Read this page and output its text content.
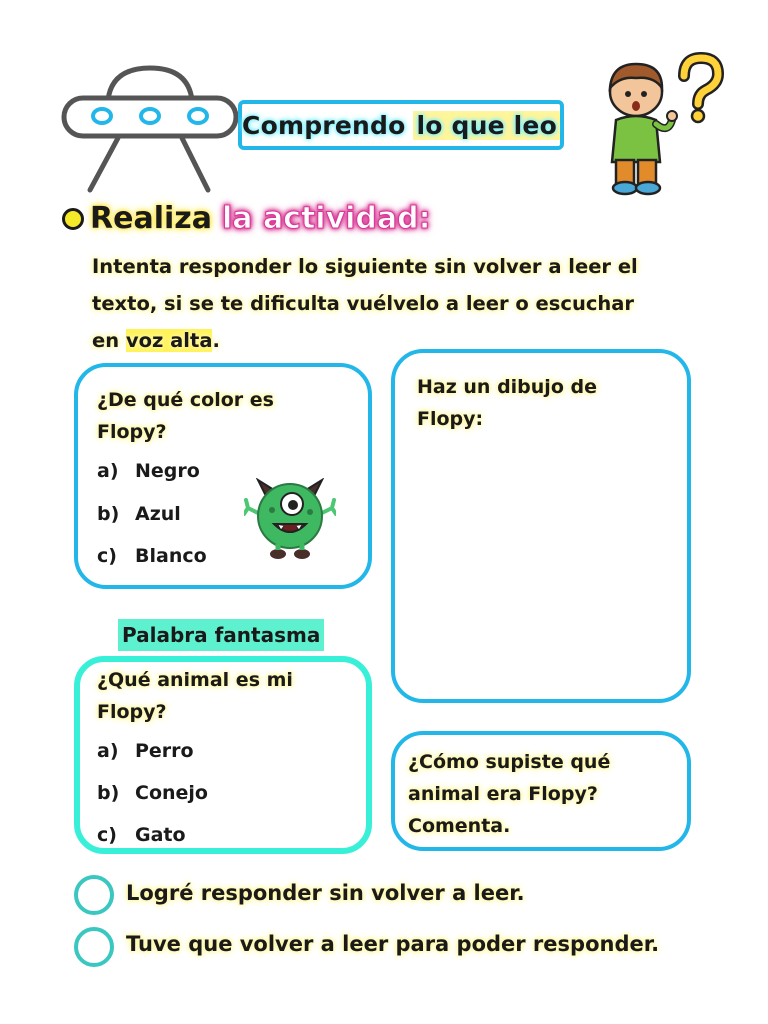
Comprendo lo que leo
Realiza la actividad:
Intenta responder lo siguiente sin volver a leer el
texto, si se te dificulta vuélvelo a leer o escuchar
en voz alta.
¿De qué color es
Flopy?
a) Negro
b) Azul
c) Blanco
Haz un dibujo de
Flopy:
Palabra fantasma
¿Qué animal es mi
Flopy?
a) Perro
b) Conejo
c) Gato
¿Cómo supiste qué
animal era Flopy?
Comenta.
Logré responder sin volver a leer.
Tuve que volver a leer para poder responder.
